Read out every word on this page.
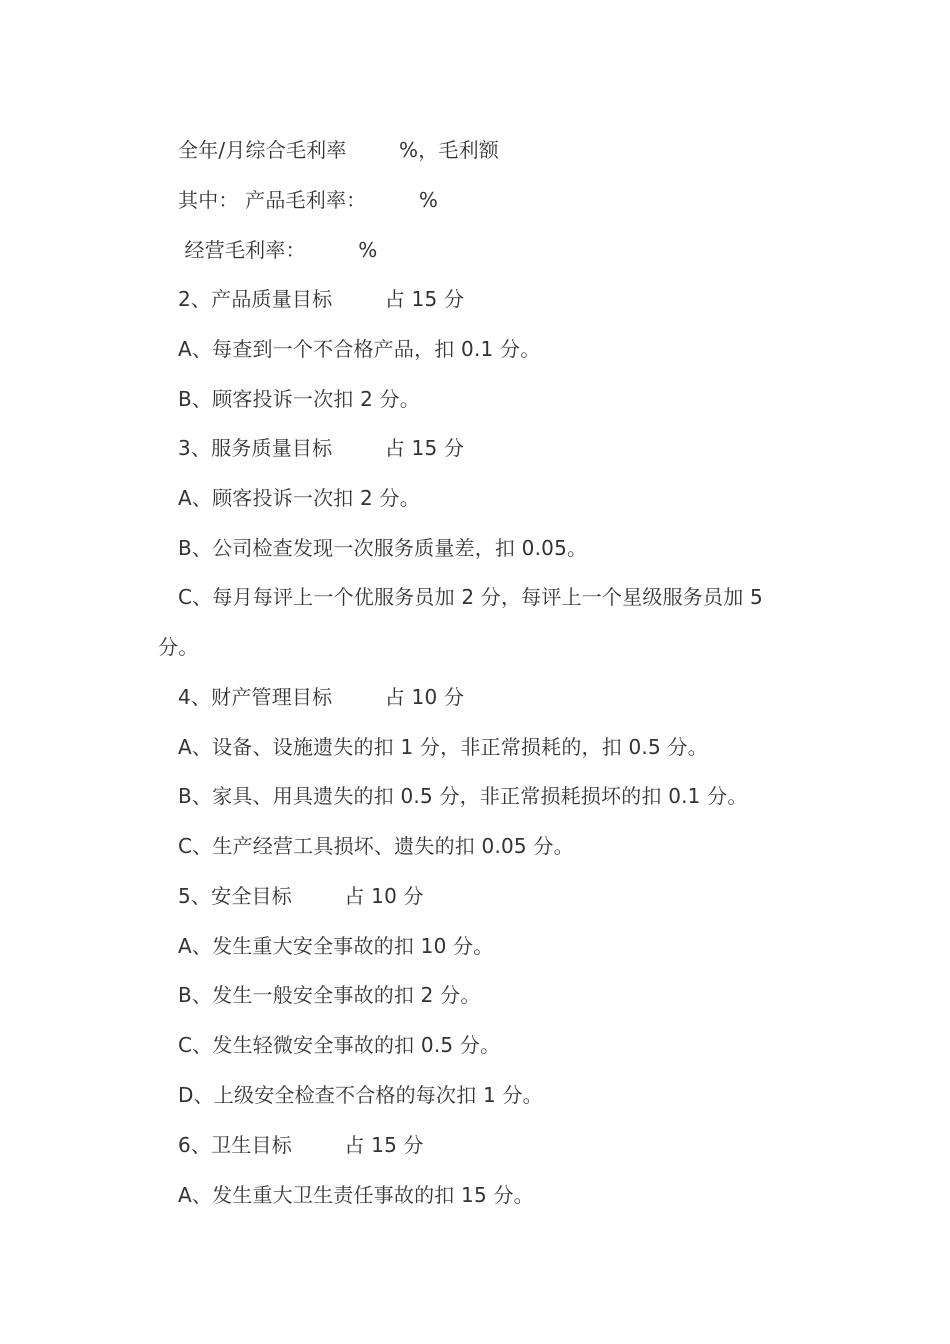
全年/月综合毛利率        %，毛利额
其中： 产品毛利率：        %
经营毛利率：        %
2、产品质量目标        占 15 分
A、每查到一个不合格产品，扣 0.1 分。
B、顾客投诉一次扣 2 分。
3、服务质量目标        占 15 分
A、顾客投诉一次扣 2 分。
B、公司检查发现一次服务质量差，扣 0.05。
C、每月每评上一个优服务员加 2 分，每评上一个星级服务员加 5
分。
4、财产管理目标        占 10 分
A、设备、设施遗失的扣 1 分，非正常损耗的，扣 0.5 分。
B、家具、用具遗失的扣 0.5 分，非正常损耗损坏的扣 0.1 分。
C、生产经营工具损坏、遗失的扣 0.05 分。
5、安全目标        占 10 分
A、发生重大安全事故的扣 10 分。
B、发生一般安全事故的扣 2 分。
C、发生轻微安全事故的扣 0.5 分。
D、上级安全检查不合格的每次扣 1 分。
6、卫生目标        占 15 分
A、发生重大卫生责任事故的扣 15 分。
